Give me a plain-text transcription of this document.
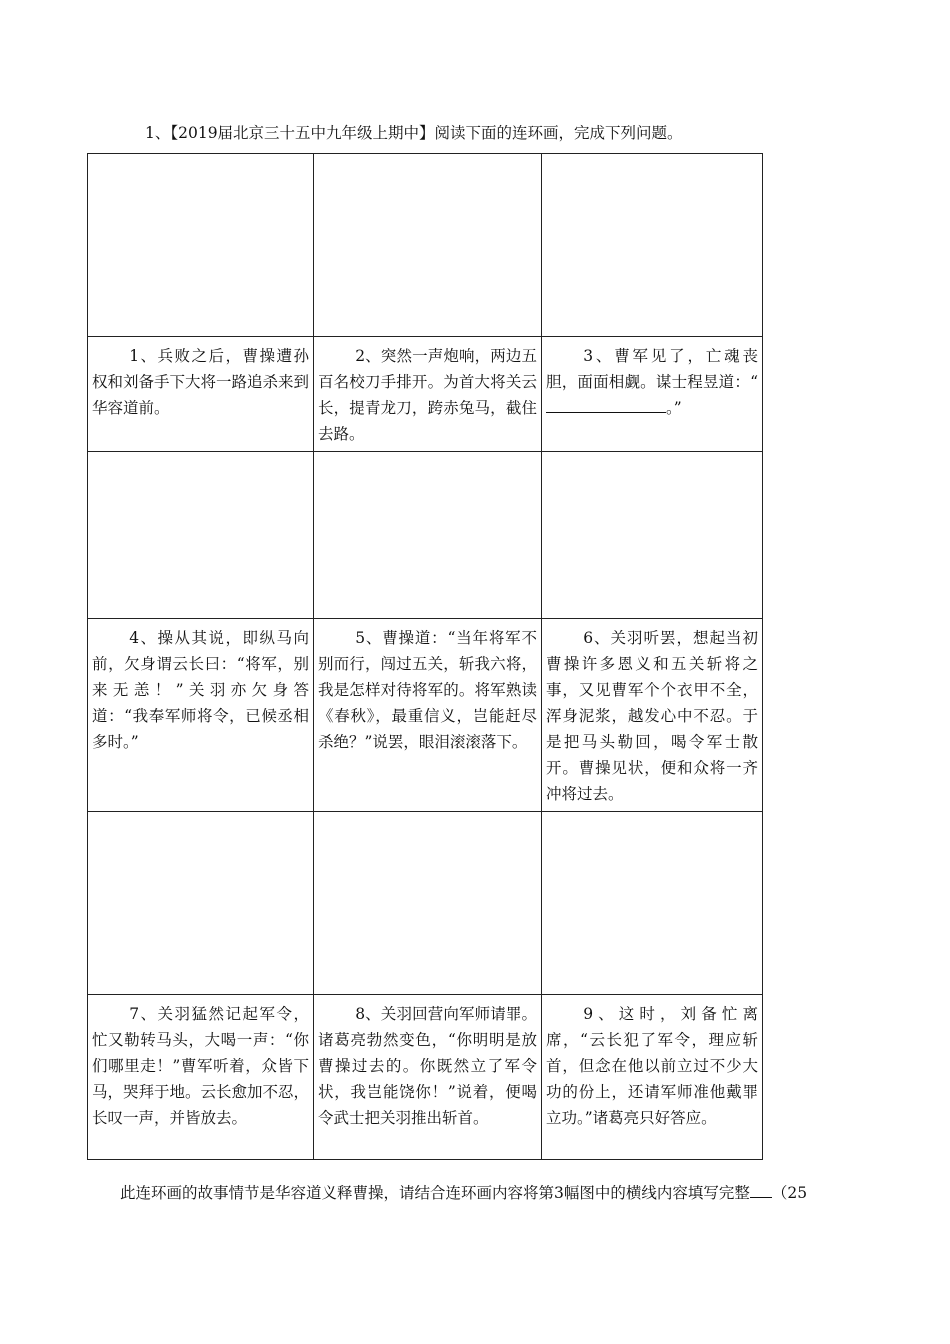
1、【2019届北京三十五中九年级上期中】阅读下面的连环画，完成下列问题。

1、兵败之后，曹操遭孙权和刘备手下大将一路追杀来到华容道前。	2、突然一声炮响，两边五百名校刀手排开。为首大将关云长，提青龙刀，跨赤兔马，截住去路。	3、曹军见了，亡魂丧胆，面面相觑。谋士程昱道：“。”

4、操从其说，即纵马向前，欠身谓云长曰：“将军，别来无恙！”关羽亦欠身答道：“我奉军师将令，已候丞相多时。”	5、曹操道：“当年将军不别而行，闯过五关，斩我六将，我是怎样对待将军的。将军熟读《春秋》，最重信义，岂能赶尽杀绝？”说罢，眼泪滚滚落下。	6、关羽听罢，想起当初曹操许多恩义和五关斩将之事，又见曹军个个衣甲不全，浑身泥浆，越发心中不忍。于是把马头勒回，喝令军士散开。曹操见状，便和众将一齐冲将过去。

7、关羽猛然记起军令，忙又勒转马头，大喝一声：“你们哪里走！”曹军听着，众皆下马，哭拜于地。云长愈加不忍，长叹一声，并皆放去。	8、关羽回营向军师请罪。诸葛亮勃然变色，“你明明是放曹操过去的。你既然立了军令状，我岂能饶你！”说着，便喝令武士把关羽推出斩首。	9、这时，刘备忙离席，“云长犯了军令，理应斩首，但念在他以前立过不少大功的份上，还请军师准他戴罪立功。”诸葛亮只好答应。
此连环画的故事情节是华容道义释曹操，请结合连环画内容将第3幅图中的横线内容填写完整 （25
